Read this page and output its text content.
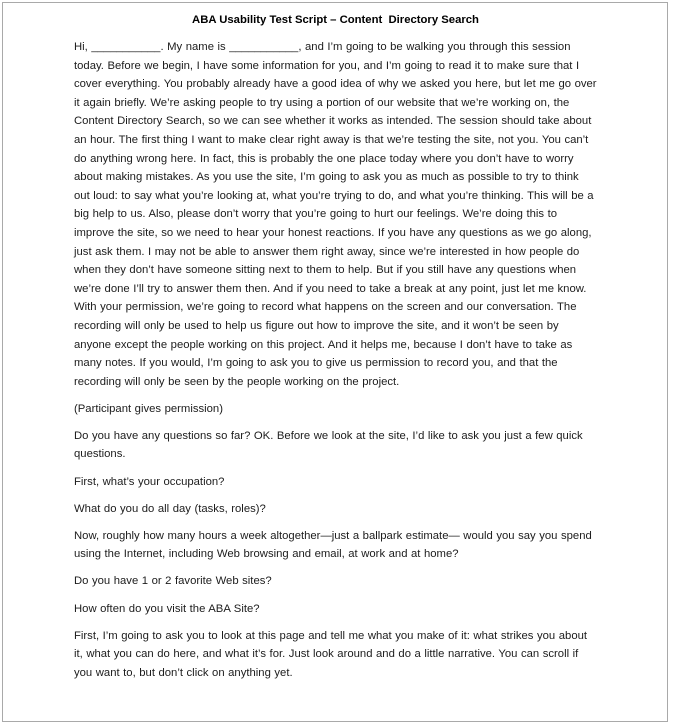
ABA Usability Test Script – Content  Directory Search

Hi, ___________. My name is ___________, and I’m going to be walking you through this session today. Before we begin, I have some information for you, and I’m going to read it to make sure that I cover everything. You probably already have a good idea of why we asked you here, but let me go over it again briefly. We’re asking people to try using a portion of our website that we’re working on, the Content Directory Search, so we can see whether it works as intended. The session should take about an hour. The first thing I want to make clear right away is that we’re testing the site, not you. You can’t do anything wrong here. In fact, this is probably the one place today where you don’t have to worry about making mistakes. As you use the site, I’m going to ask you as much as possible to try to think out loud: to say what you’re looking at, what you’re trying to do, and what you’re thinking. This will be a big help to us. Also, please don’t worry that you’re going to hurt our feelings. We’re doing this to improve the site, so we need to hear your honest reactions. If you have any questions as we go along, just ask them. I may not be able to answer them right away, since we’re interested in how people do when they don’t have someone sitting next to them to help. But if you still have any questions when we’re done I’ll try to answer them then. And if you need to take a break at any point, just let me know. With your permission, we’re going to record what happens on the screen and our conversation. The recording will only be used to help us figure out how to improve the site, and it won’t be seen by anyone except the people working on this project. And it helps me, because I don’t have to take as many notes. If you would, I’m going to ask you to give us permission to record you, and that the recording will only be seen by the people working on the project.

(Participant gives permission)

Do you have any questions so far? OK. Before we look at the site, I’d like to ask you just a few quick questions.

First, what’s your occupation?

What do you do all day (tasks, roles)?

Now, roughly how many hours a week altogether—just a ballpark estimate— would you say you spend using the Internet, including Web browsing and email, at work and at home?

Do you have 1 or 2 favorite Web sites?

How often do you visit the ABA Site?

First, I’m going to ask you to look at this page and tell me what you make of it: what strikes you about it, what you can do here, and what it’s for. Just look around and do a little narrative. You can scroll if you want to, but don’t click on anything yet.
